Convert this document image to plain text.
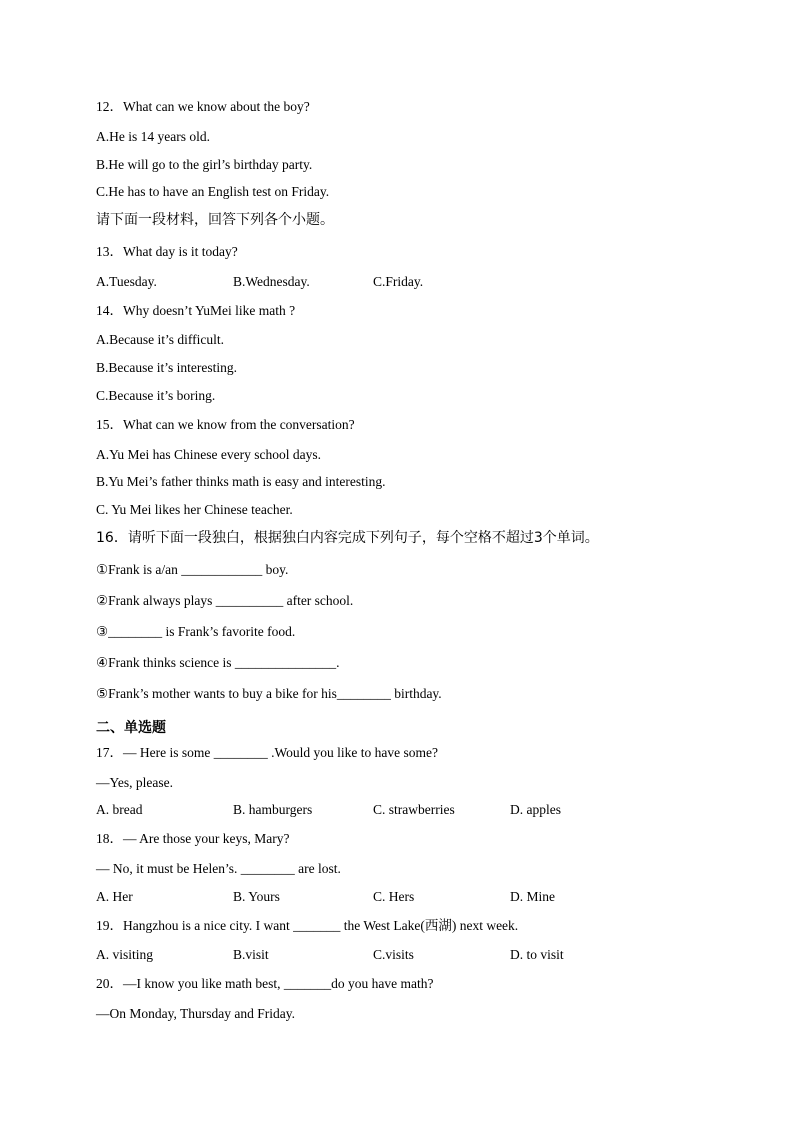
12．What can we know about the boy?
A.He is 14 years old.
B.He will go to the girl’s birthday party.
C.He has to have an English test on Friday.
请下面一段材料，回答下列各个小题。
13．What day is it today?
A.Tuesday.	B.Wednesday.	C.Friday.
14．Why doesn’t YuMei like math ?
A.Because it’s difficult.
B.Because it’s interesting.
C.Because it’s boring.
15．What can we know from the conversation?
A.Yu Mei has Chinese every school days.
B.Yu Mei’s father thinks math is easy and interesting.
C. Yu Mei likes her Chinese teacher.
16．请听下面一段独白，根据独白内容完成下列句子，每个空格不超过3个单词。
①Frank is a/an ____________ boy.
②Frank always plays __________ after school.
③________ is Frank’s favorite food.
④Frank thinks science is _______________.
⑤Frank’s mother wants to buy a bike for his________ birthday.
二、单选题
17．— Here is some ________ .Would you like to have some?
—Yes, please.
A. bread	B. hamburgers	C. strawberries	D. apples
18．— Are those your keys, Mary?
— No, it must be Helen’s. ________ are lost.
A. Her	B. Yours	C. Hers	D. Mine
19．Hangzhou is a nice city. I want _______ the West Lake(西湖) next week.
A. visiting	B.visit	C.visits	D. to visit
20．—I know you like math best, _______do you have math?
—On Monday, Thursday and Friday.
